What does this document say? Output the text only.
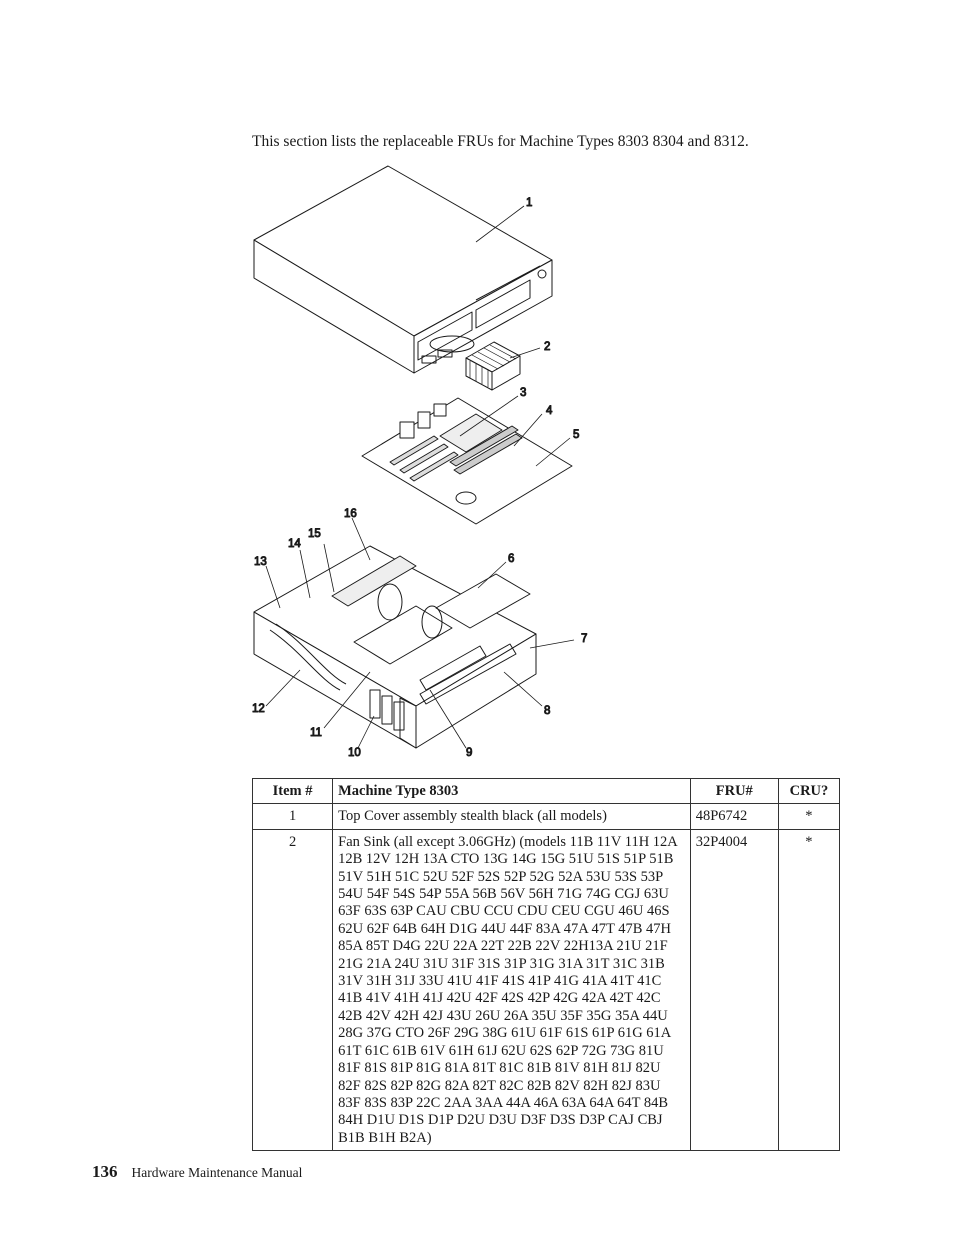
This section lists the replaceable FRUs for Machine Types 8303 8304 and 8312.

1
2
3
4
5
6
7
8
9
10
11
12
13
14
15
16
Item #	Machine Type 8303	FRU#	CRU?
1	Top Cover assembly stealth black (all models)	48P6742	*
2	Fan Sink (all except 3.06GHz) (models 11B 11V 11H 12A 12B 12V 12H 13A CTO 13G 14G 15G 51U 51S 51P 51B 51V 51H 51C 52U 52F 52S 52P 52G 52A 53U 53S 53P 54U 54F 54S 54P 55A 56B 56V 56H 71G 74G CGJ 63U 63F 63S 63P CAU CBU CCU CDU CEU CGU 46U 46S 62U 62F 64B 64H D1G 44U 44F 83A 47A 47T 47B 47H 85A 85T D4G 22U 22A 22T 22B 22V 22H13A 21U 21F 21G 21A 24U 31U 31F 31S 31P 31G 31A 31T 31C 31B 31V 31H 31J 33U 41U 41F 41S 41P 41G 41A 41T 41C 41B 41V 41H 41J 42U 42F 42S 42P 42G 42A 42T 42C 42B 42V 42H 42J 43U 26U 26A 35U 35F 35G 35A 44U 28G 37G CTO 26F 29G 38G 61U 61F 61S 61P 61G 61A 61T 61C 61B 61V 61H 61J 62U 62S 62P 72G 73G 81U 81F 81S 81P 81G 81A 81T 81C 81B 81V 81H 81J 82U 82F 82S 82P 82G 82A 82T 82C 82B 82V 82H 82J 83U 83F 83S 83P 22C 2AA 3AA 44A 46A 63A 64A 64T 84B 84H D1U D1S D1P D2U D3U D3F D3S D3P CAJ CBJ B1B B1H B2A)	32P4004	*
136 Hardware Maintenance Manual
